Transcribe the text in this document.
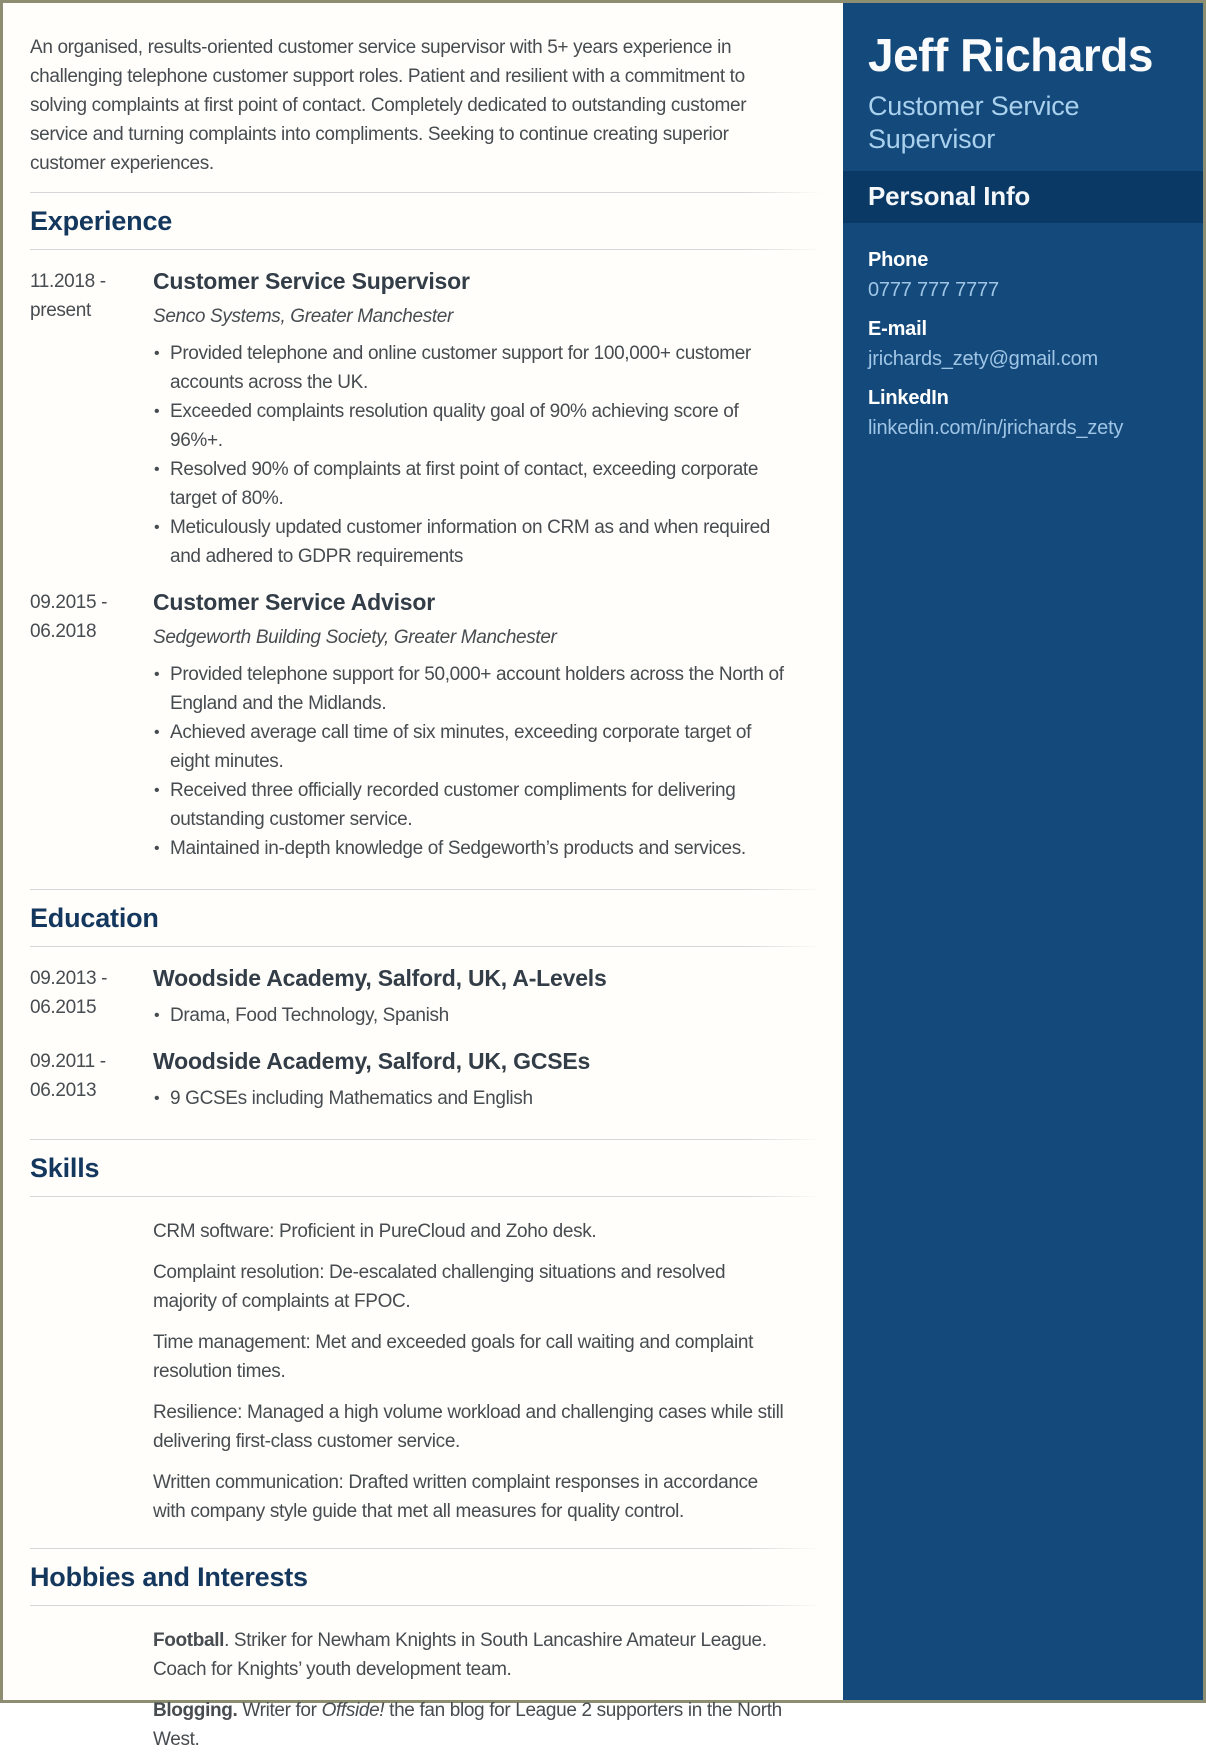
An organised, results-oriented customer service supervisor with 5+ years experience in challenging telephone customer support roles. Patient and resilient with a commitment to solving complaints at first point of contact. Completely dedicated to outstanding customer service and turning complaints into compliments. Seeking to continue creating superior customer experiences.

Experience
11.2018 -
present
Customer Service Supervisor
Senco Systems, Greater Manchester
• Provided telephone and online customer support for 100,000+ customer accounts across the UK.
• Exceeded complaints resolution quality goal of 90% achieving score of 96%+.
• Resolved 90% of complaints at first point of contact, exceeding corporate target of 80%.
• Meticulously updated customer information on CRM as and when required and adhered to GDPR requirements
09.2015 -
06.2018
Customer Service Advisor
Sedgeworth Building Society, Greater Manchester
• Provided telephone support for 50,000+ account holders across the North of England and the Midlands.
• Achieved average call time of six minutes, exceeding corporate target of eight minutes.
• Received three officially recorded customer compliments for delivering outstanding customer service.
• Maintained in-depth knowledge of Sedgeworth’s products and services.
Education
09.2013 -
06.2015
Woodside Academy, Salford, UK, A-Levels
• Drama, Food Technology, Spanish
09.2011 -
06.2013
Woodside Academy, Salford, UK, GCSEs
• 9 GCSEs including Mathematics and English
Skills

CRM software: Proficient in PureCloud and Zoho desk.

Complaint resolution: De-escalated challenging situations and resolved majority of complaints at FPOC.

Time management: Met and exceeded goals for call waiting and complaint resolution times.

Resilience: Managed a high volume workload and challenging cases while still delivering first-class customer service.

Written communication: Drafted written complaint responses in accordance with company style guide that met all measures for quality control.

Hobbies and Interests

Football. Striker for Newham Knights in South Lancashire Amateur League. Coach for Knights’ youth development team.

Blogging. Writer for Offside! the fan blog for League 2 supporters in the North West.

Jeff Richards
Customer Service Supervisor
Personal Info
Phone
0777 777 7777
E-mail
jrichards_zety@gmail.com
LinkedIn
linkedin.com/in/jrichards_zety
